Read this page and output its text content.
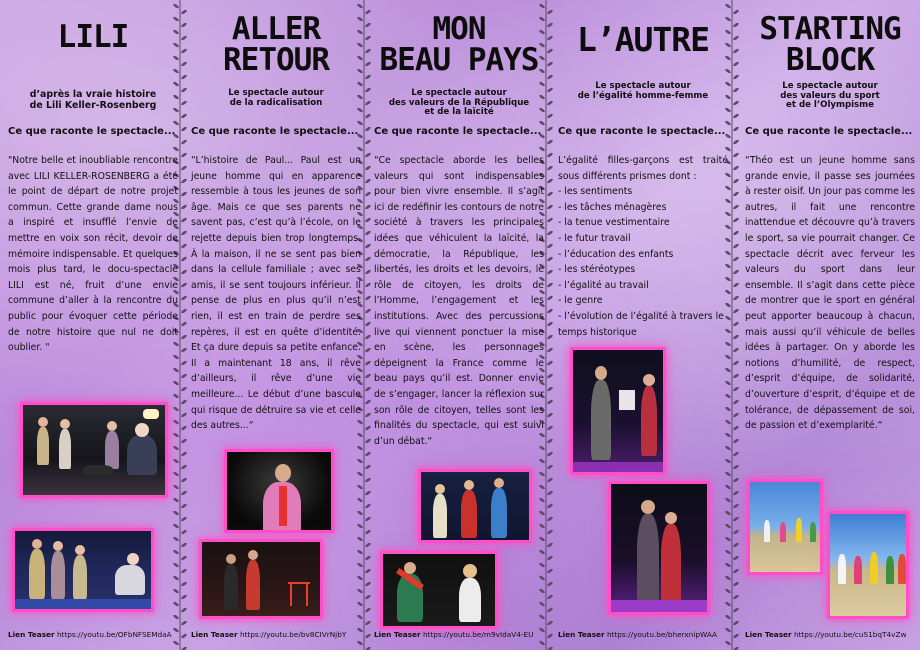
LILI

d’après la vraie histoire
de Lili Keller-Rosenberg

Ce que raconte le spectacle...

"Notre belle et inoubliable rencontre avec LILI KELLER-ROSENBERG a été le point de départ de notre projet commun. Cette grande dame nous a inspiré et insufflé l’envie de mettre en voix son récit, devoir de mémoire indispensable. Et quelques mois plus tard, le docu-spectacle LILI est né, fruit d’une envie commune d’aller à la rencontre du public pour évoquer cette période de notre histoire que nul ne doit oublier. "

Lien Teaser https://youtu.be/OFbNFSEMdaA

ALLER
RETOUR

Le spectacle autour
de la radicalisation

Ce que raconte le spectacle...

“L’histoire de Paul... Paul est un jeune homme qui en apparence ressemble à tous les jeunes de son âge. Mais ce que ses parents ne savent pas, c’est qu’à l’école, on le rejette depuis bien trop longtemps. À la maison, il ne se sent pas bien dans la cellule familiale ; avec ses amis, il se sent toujours inférieur. Il pense de plus en plus qu’il n’est rien, il est en train de perdre ses repères, il est en quête d’identité. Et ça dure depuis sa petite enfance. Il a maintenant 18 ans, il rêve d’ailleurs, il rêve d’une vie meilleure... Le début d’une bascule qui risque de détruire sa vie et celle des autres...“

Lien Teaser https://youtu.be/bv8CIVrNjbY

MON
BEAU PAYS

Le spectacle autour
des valeurs de la République
et de la laïcité

Ce que raconte le spectacle...

“Ce spectacle aborde les belles valeurs qui sont indispensables pour bien vivre ensemble. Il s’agit ici de redéfinir les contours de notre société à travers les principales idées que véhiculent la laïcité, la démocratie, la République, les libertés, les droits et les devoirs, le rôle de citoyen, les droits de l’Homme, l’engagement et les institutions. Avec des percussions live qui viennent ponctuer la mise en scène, les personnages dépeignent la France comme le beau pays qu’il est. Donner envie de s’engager, lancer la réflexion sur son rôle de citoyen, telles sont les finalités du spectacle, qui est suivi d’un débat.“

Lien Teaser https://youtu.be/m9vIdaV4-EU

L’AUTRE

Le spectacle autour
de l’égalité homme-femme

Ce que raconte le spectacle...

L’égalité filles-garçons est traité sous différents prismes dont :

- les sentiments
- les tâches ménagères
- la tenue vestimentaire
- le futur travail
- l’éducation des enfants
- les stéréotypes
- l’égalité au travail
- le genre
- l’évolution de l’égalité à travers le temps historique

Lien Teaser https://youtu.be/bherxnipWAA

STARTING
BLOCK

Le spectacle autour
des valeurs du sport
et de l’Olympisme

Ce que raconte le spectacle...

“Théo est un jeune homme sans grande envie, il passe ses journées à rester oisif. Un jour pas comme les autres, il fait une rencontre inattendue et découvre qu’à travers le sport, sa vie pourrait changer. Ce spectacle décrit avec ferveur les valeurs du sport dans leur ensemble. Il s’agit dans cette pièce de montrer que le sport en général peut apporter beaucoup à chacun, mais aussi qu’il véhicule de belles idées à partager. On y aborde les notions d’humilité, de respect, d’esprit d’équipe, de solidarité, d’ouverture d’esprit, d’équipe et de tolérance, de dépassement de soi, de passion et d’exemplarité.“

Lien Teaser https://youtu.be/cuS1bqT4vZw
